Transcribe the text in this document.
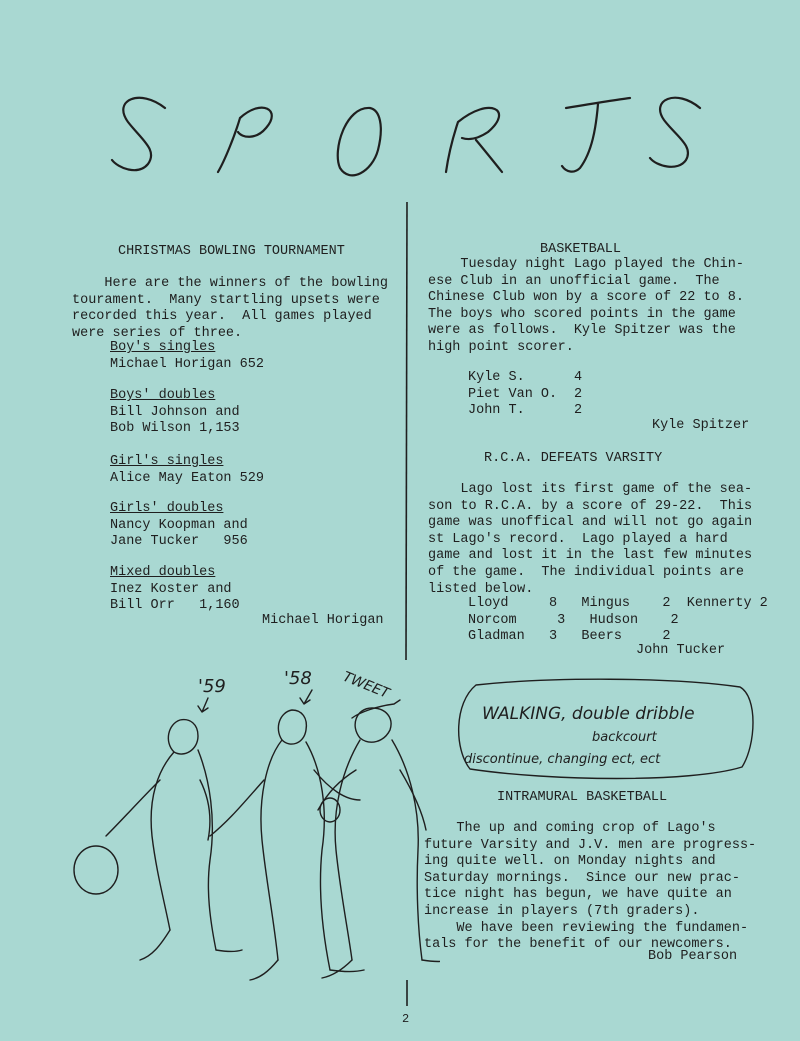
CHRISTMAS BOWLING TOURNAMENT
Here are the winners of the bowling
tourament.  Many startling upsets were
recorded this year.  All games played
were series of three.
Boy's singles
Michael Horigan 652
Boys' doubles
Bill Johnson and
Bob Wilson 1,153
Girl's singles
Alice May Eaton 529
Girls' doubles
Nancy Koopman and
Jane Tucker   956
Mixed doubles
Inez Koster and
Bill Orr   1,160
Michael Horigan
BASKETBALL
Tuesday night Lago played the Chin-
ese Club in an unofficial game.  The
Chinese Club won by a score of 22 to 8.
The boys who scored points in the game
were as follows.  Kyle Spitzer was the
high point scorer.
Kyle S.	4
Piet Van O. 2
John T.	2
Kyle Spitzer
R.C.A. DEFEATS VARSITY
Lago lost its first game of the sea-
son to R.C.A. by a score of 29-22.  This
game was unoffical and will not go again
st Lago's record.  Lago played a hard
game and lost it in the last few minutes
of the game.  The individual points are
listed below.
Lloyd     8   Mingus    2  Kennerty 2
Norcom     3   Hudson    2
Gladman   3   Beers     2
John Tucker
'59	'58 TWEET
WALKING, double dribble
backcourt
discontinue, changing ect, ect
INTRAMURAL BASKETBALL
The up and coming crop of Lago's
future Varsity and J.V. men are progress-
ing quite well. on Monday nights and
Saturday mornings.  Since our new prac-
tice night has begun, we have quite an
increase in players (7th graders).
We have been reviewing the fundamen-
tals for the benefit of our newcomers.
Bob Pearson
2
